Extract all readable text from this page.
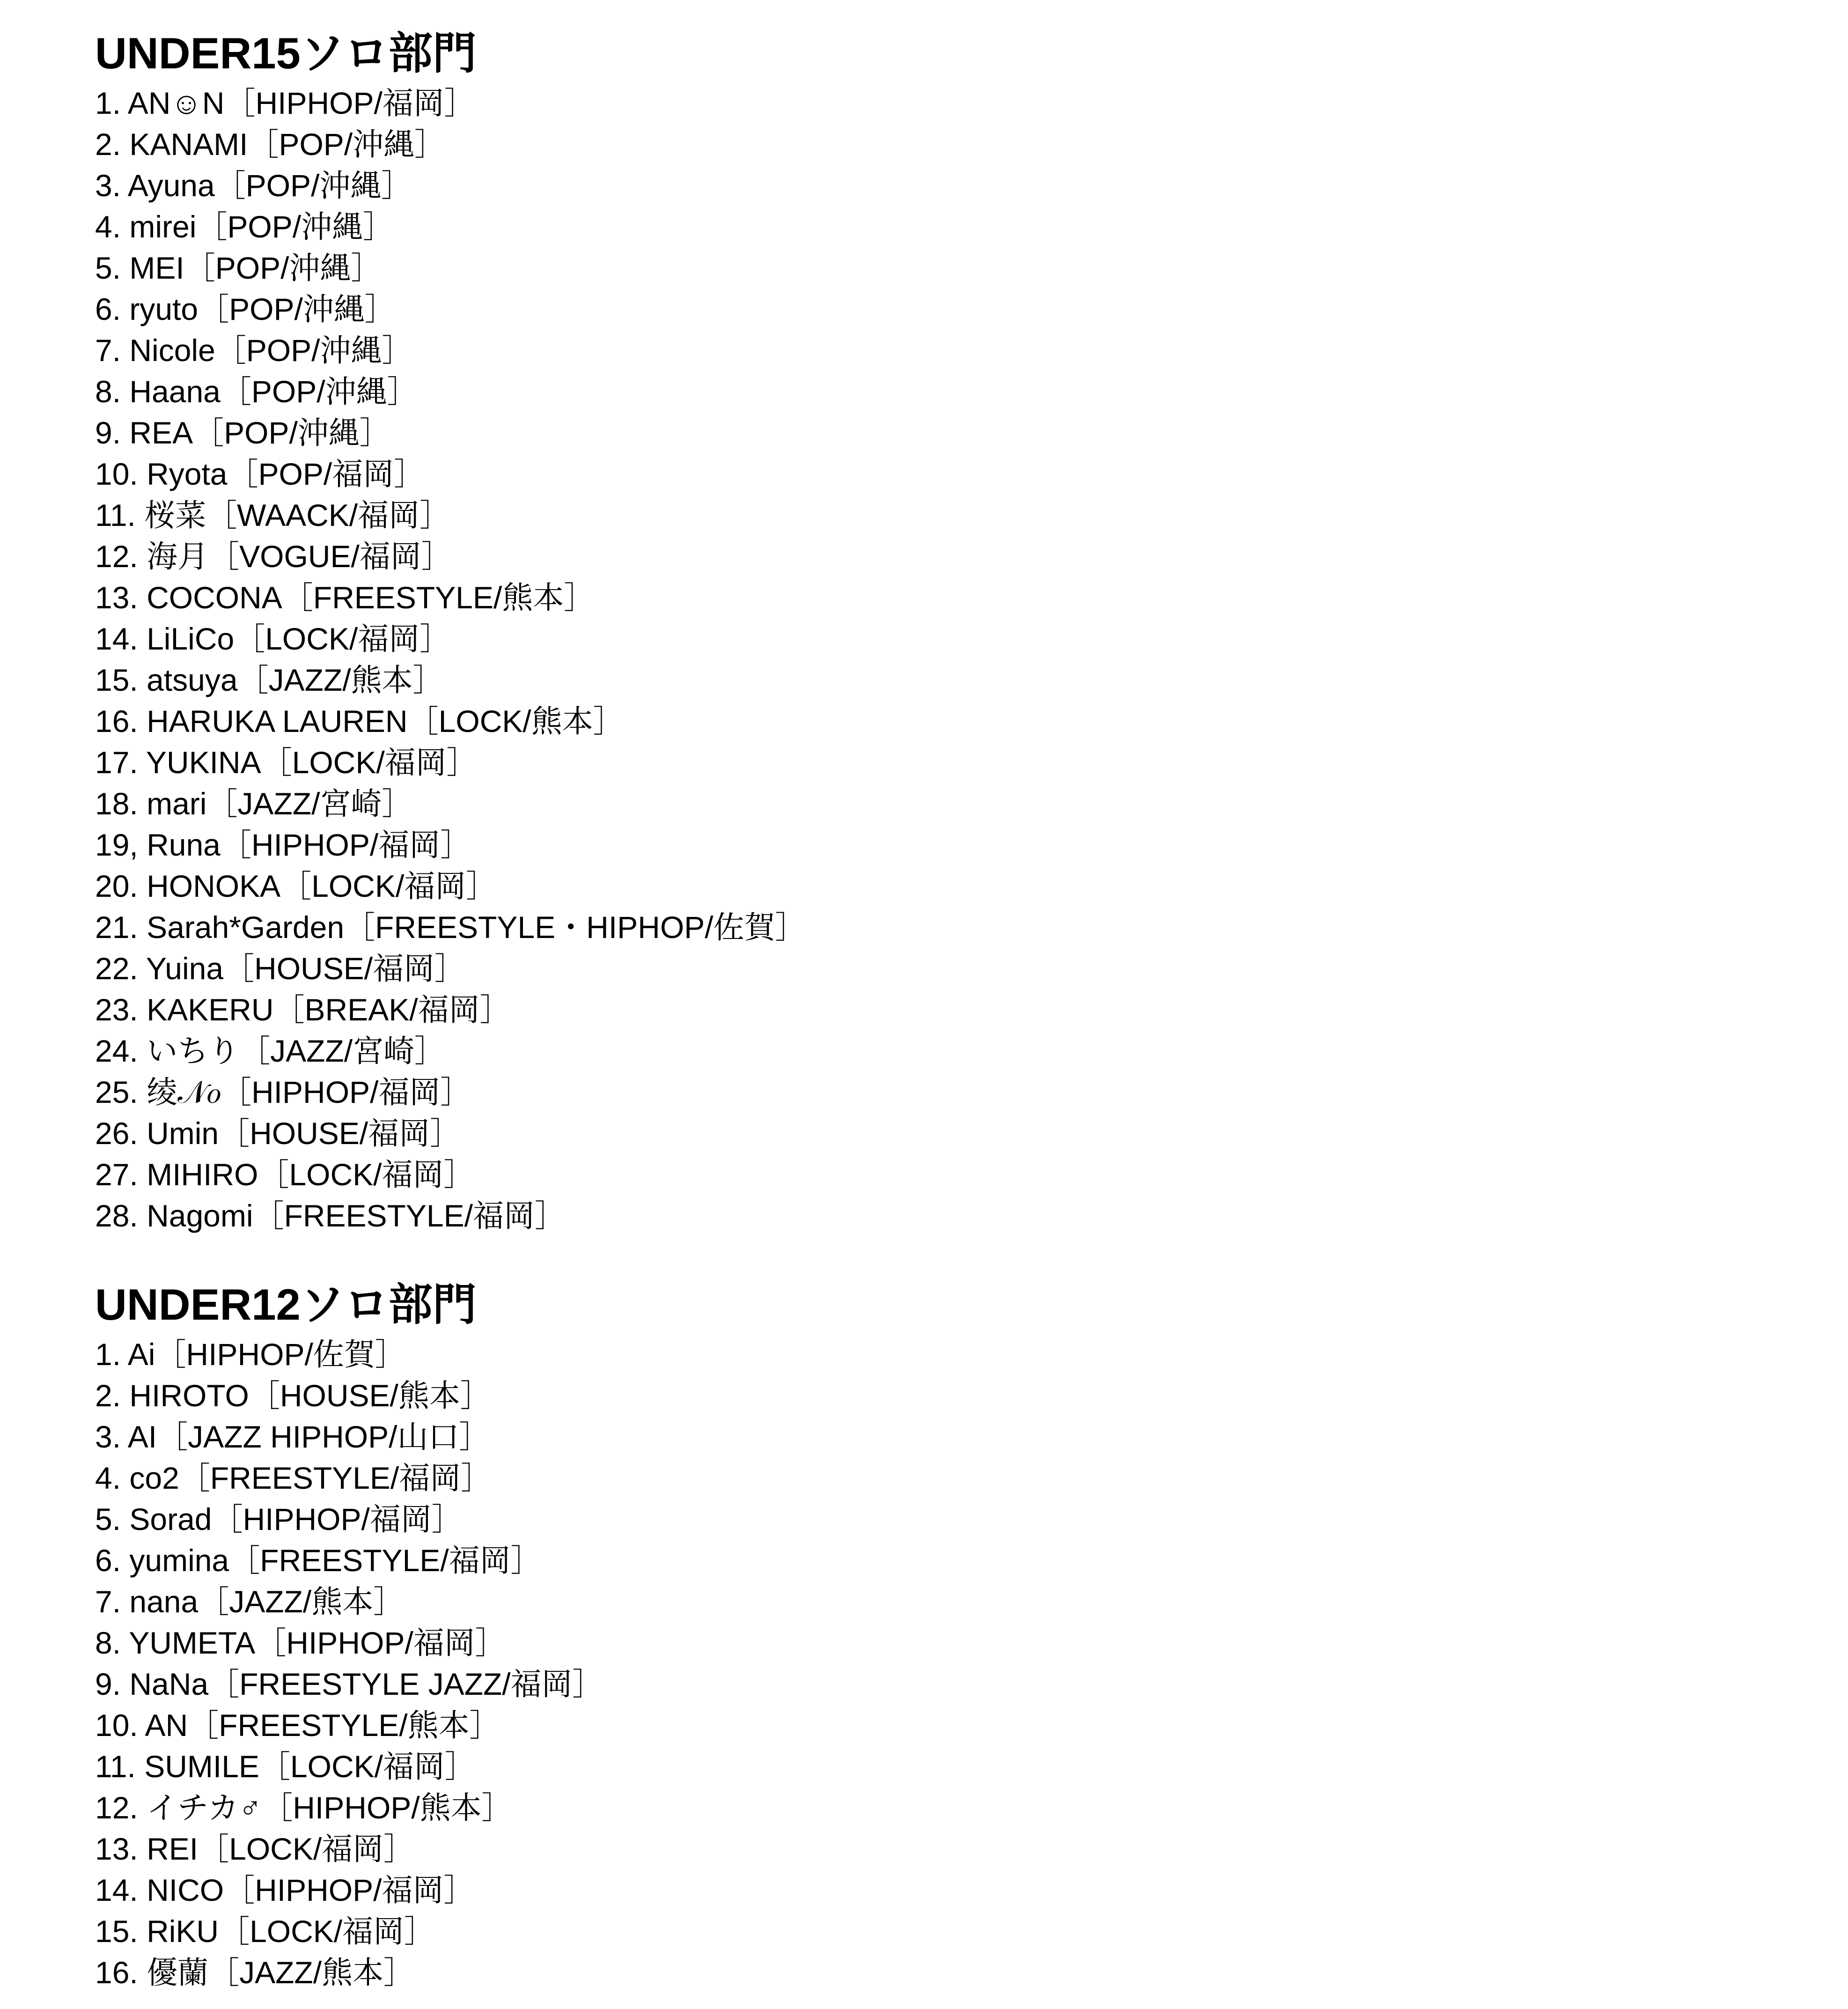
UNDER15ソロ部門
1. AN☺N［HIPHOP/福岡］
2. KANAMI［POP/沖縄］
3. Ayuna［POP/沖縄］
4. mirei［POP/沖縄］
5. MEI［POP/沖縄］
6. ryuto［POP/沖縄］
7. Nicole［POP/沖縄］
8. Haana［POP/沖縄］
9. REA［POP/沖縄］
10. Ryota［POP/福岡］
11. 桜菜［WAACK/福岡］
12. 海月［VOGUE/福岡］
13. COCONA［FREESTYLE/熊本］
14. LiLiCo［LOCK/福岡］
15. atsuya［JAZZ/熊本］
16. HARUKA LAUREN［LOCK/熊本］
17. YUKINA［LOCK/福岡］
18. mari［JAZZ/宮崎］
19, Runa［HIPHOP/福岡］
20. HONOKA［LOCK/福岡］
21. Sarah*Garden［FREESTYLE・HIPHOP/佐賀］
22. Yuina［HOUSE/福岡］
23. KAKERU［BREAK/福岡］
24. いちり［JAZZ/宮崎］
25. 绫𝒩𝑜［HIPHOP/福岡］
26. Umin［HOUSE/福岡］
27. MIHIRO［LOCK/福岡］
28. Nagomi［FREESTYLE/福岡］
UNDER12ソロ部門
1. Ai［HIPHOP/佐賀］
2. HIROTO［HOUSE/熊本］
3. AI［JAZZ HIPHOP/山口］
4. co2［FREESTYLE/福岡］
5. Sorad［HIPHOP/福岡］
6. yumina［FREESTYLE/福岡］
7. nana［JAZZ/熊本］
8. YUMETA［HIPHOP/福岡］
9. NaNa［FREESTYLE JAZZ/福岡］
10. AN［FREESTYLE/熊本］
11. SUMILE［LOCK/福岡］
12. イチカ♂［HIPHOP/熊本］
13. REI［LOCK/福岡］
14. NICO［HIPHOP/福岡］
15. RiKU［LOCK/福岡］
16. 優蘭［JAZZ/熊本］
